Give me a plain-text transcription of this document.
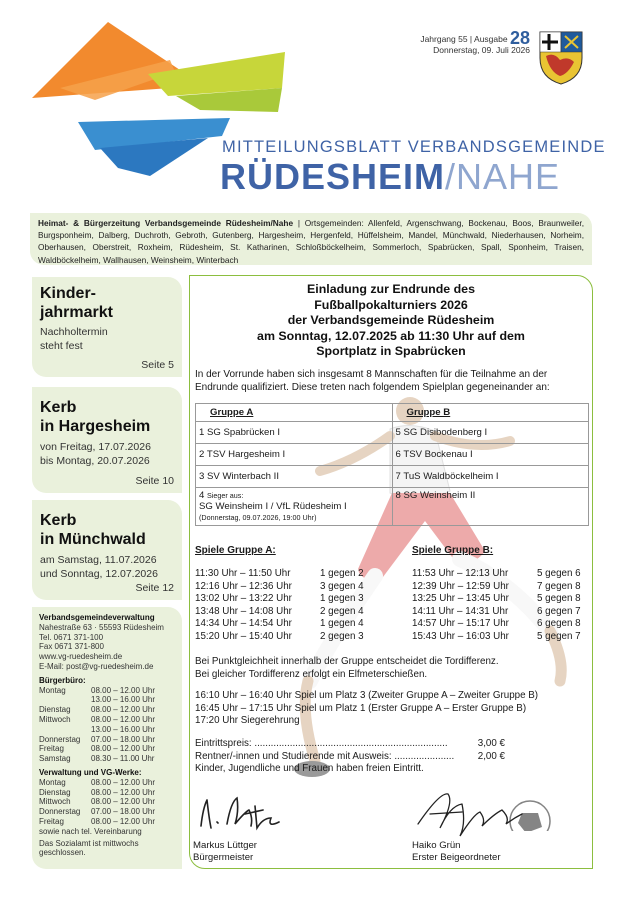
Jahrgang 55 | Ausgabe 28
Donnerstag, 09. Juli 2026
MITTEILUNGSBLATT VERBANDSGEMEINDE
RÜDESHEIM/NAHE
Heimat- & Bürgerzeitung Verbandsgemeinde Rüdesheim/Nahe | Ortsgemeinden: Allenfeld, Argenschwang, Bockenau, Boos, Braunweiler, Burgsponheim, Dalberg, Duchroth, Gebroth, Gutenberg, Hargesheim, Hergenfeld, Hüffelsheim, Mandel, Münchwald, Niederhausen, Norheim, Oberhausen, Oberstreit, Roxheim, Rüdesheim, St. Katharinen, Schloßböckelheim, Sommerloch, Spabrücken, Spall, Sponheim, Traisen, Waldböckelheim, Wallhausen, Weinsheim, Winterbach
Kinder-
jahrmarkt
Nachholtermin
steht fest
Seite 5
Kerb
in Hargesheim
von Freitag, 17.07.2026
bis Montag, 20.07.2026
Seite 10
Kerb
in Münchwald
am Samstag, 11.07.2026
und Sonntag, 12.07.2026
Seite 12
Verbandsgemeindeverwaltung
Nahestraße 63 · 55593 Rüdesheim
Tel. 0671 371-100
Fax 0671 371-800
www.vg-ruedesheim.de
E-Mail: post@vg-ruedesheim.de
Bürgerbüro:
Montag	08.00 – 12.00 Uhr
13.00 – 16.00 Uhr
Dienstag	08.00 – 12.00 Uhr
Mittwoch	08.00 – 12.00 Uhr
13.00 – 16.00 Uhr
Donnerstag	07.00 – 18.00 Uhr
Freitag	08.00 – 12.00 Uhr
Samstag	08.30 – 11.00 Uhr
Verwaltung und VG-Werke:
Montag	08.00 – 12.00 Uhr
Dienstag	08.00 – 12.00 Uhr
Mittwoch	08.00 – 12.00 Uhr
Donnerstag	07.00 – 18.00 Uhr
Freitag	08.00 – 12.00 Uhr
sowie nach tel. Vereinbarung
Das Sozialamt ist mittwochs
geschlossen.
Einladung zur Endrunde des
Fußballpokalturniers 2026
der Verbandsgemeinde Rüdesheim
am Sonntag, 12.07.2025 ab 11:30 Uhr auf dem
Sportplatz in Spabrücken
In der Vorrunde haben sich insgesamt 8 Mannschaften für die Teilnahme an der Endrunde qualifiziert. Diese treten nach folgendem Spielplan gegeneinander an:
Gruppe A	Gruppe B
1 SG Spabrücken I	5 SG Disibodenberg I
2 TSV Hargesheim I	6 TSV Bockenau I
3 SV Winterbach II	7 TuS Waldböckelheim I
4 Sieger aus:
SG Weinsheim I / VfL Rüdesheim I
(Donnerstag, 09.07.2026, 19:00 Uhr)	8 SG Weinsheim II
Spiele Gruppe A:	Spiele Gruppe B:
11:30 Uhr – 11:50 Uhr	1 gegen 2
12:16 Uhr – 12:36 Uhr	3 gegen 4
13:02 Uhr – 13:22 Uhr	1 gegen 3
13:48 Uhr – 14:08 Uhr	2 gegen 4
14:34 Uhr – 14:54 Uhr	1 gegen 4
15:20 Uhr – 15:40 Uhr	2 gegen 3
11:53 Uhr – 12:13 Uhr	5 gegen 6
12:39 Uhr – 12:59 Uhr	7 gegen 8
13:25 Uhr – 13:45 Uhr	5 gegen 8
14:11 Uhr – 14:31 Uhr	6 gegen 7
14:57 Uhr – 15:17 Uhr	6 gegen 8
15:43 Uhr – 16:03 Uhr	5 gegen 7
Bei Punktgleichheit innerhalb der Gruppe entscheidet die Tordifferenz.
Bei gleicher Tordifferenz erfolgt ein Elfmeterschießen.
16:10 Uhr – 16:40 Uhr Spiel um Platz 3 (Zweiter Gruppe A – Zweiter Gruppe B)
16:45 Uhr – 17:15 Uhr Spiel um Platz 1 (Erster Gruppe A – Erster Gruppe B)
17:20 Uhr Siegerehrung
Eintrittspreis: .......................................................................	3,00 €
Rentner/-innen und Studierende mit Ausweis: ...................... 2,00 €
Kinder, Jugendliche und Frauen haben freien Eintritt.
Markus Lüttger
Bürgermeister
Haiko Grün
Erster Beigeordneter
